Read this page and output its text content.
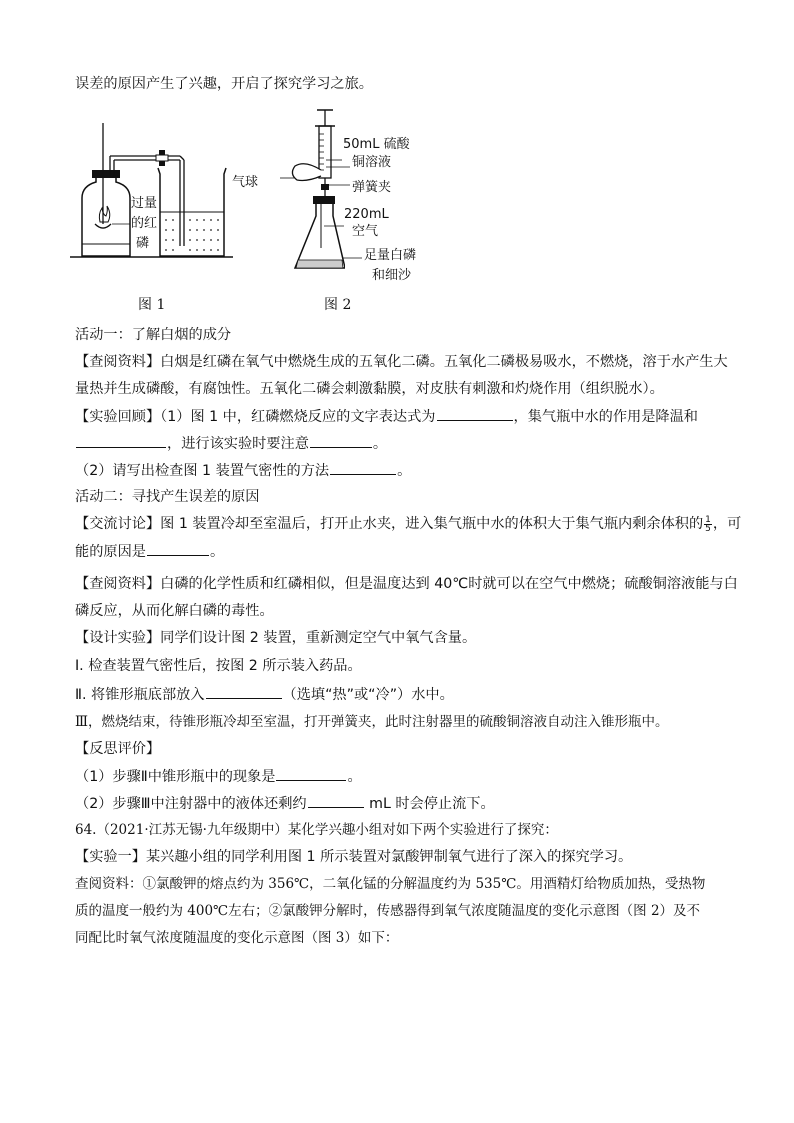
误差的原因产生了兴趣，开启了探究学习之旅。
过量
的红
磷
图 1
50mL 硫酸
铜溶液
气球	弹簧夹
220mL
空气
足量白磷
和细沙
图 2
活动一：了解白烟的成分
【查阅资料】白烟是红磷在氧气中燃烧生成的五氧化二磷。五氧化二磷极易吸水，不燃烧，溶于水产生大
量热并生成磷酸，有腐蚀性。五氧化二磷会刺激黏膜，对皮肤有刺激和灼烧作用（组织脱水）。
【实验回顾】（1）图 1 中，红磷燃烧反应的文字表达式为	，集气瓶中水的作用是降温和
，进行该实验时要注意	。
（2）请写出检查图 1 装置气密性的方法	。
活动二：寻找产生误差的原因
【交流讨论】图 1 装置冷却至室温后，打开止水夹，进入集气瓶中水的体积大于集气瓶内剩余体积的 $\frac{1}{5}$ ，可
能的原因是	。
【查阅资料】白磷的化学性质和红磷相似，但是温度达到 40℃时就可以在空气中燃烧；硫酸铜溶液能与白
磷反应，从而化解白磷的毒性。
【设计实验】同学们设计图 2 装置，重新测定空气中氧气含量。
Ⅰ. 检查装置气密性后，按图 2 所示装入药品。
Ⅱ. 将锥形瓶底部放入	（选填“热”或“冷”）水中。
Ⅲ，燃烧结束，待锥形瓶冷却至室温，打开弹簧夹，此时注射器里的硫酸铜溶液自动注入锥形瓶中。
【反思评价】
（1）步骤Ⅱ中锥形瓶中的现象是	。
（2）步骤Ⅲ中注射器中的液体还剩约	mL 时会停止流下。
64.（2021·江苏无锡·九年级期中）某化学兴趣小组对如下两个实验进行了探究：
【实验一】某兴趣小组的同学利用图 1 所示装置对氯酸钾制氧气进行了深入的探究学习。
查阅资料：①氯酸钾的熔点约为 356℃，二氧化锰的分解温度约为 535℃。用酒精灯给物质加热，受热物
质的温度一般约为 400℃左右；②氯酸钾分解时，传感器得到氧气浓度随温度的变化示意图（图 2）及不
同配比时氧气浓度随温度的变化示意图（图 3）如下：
